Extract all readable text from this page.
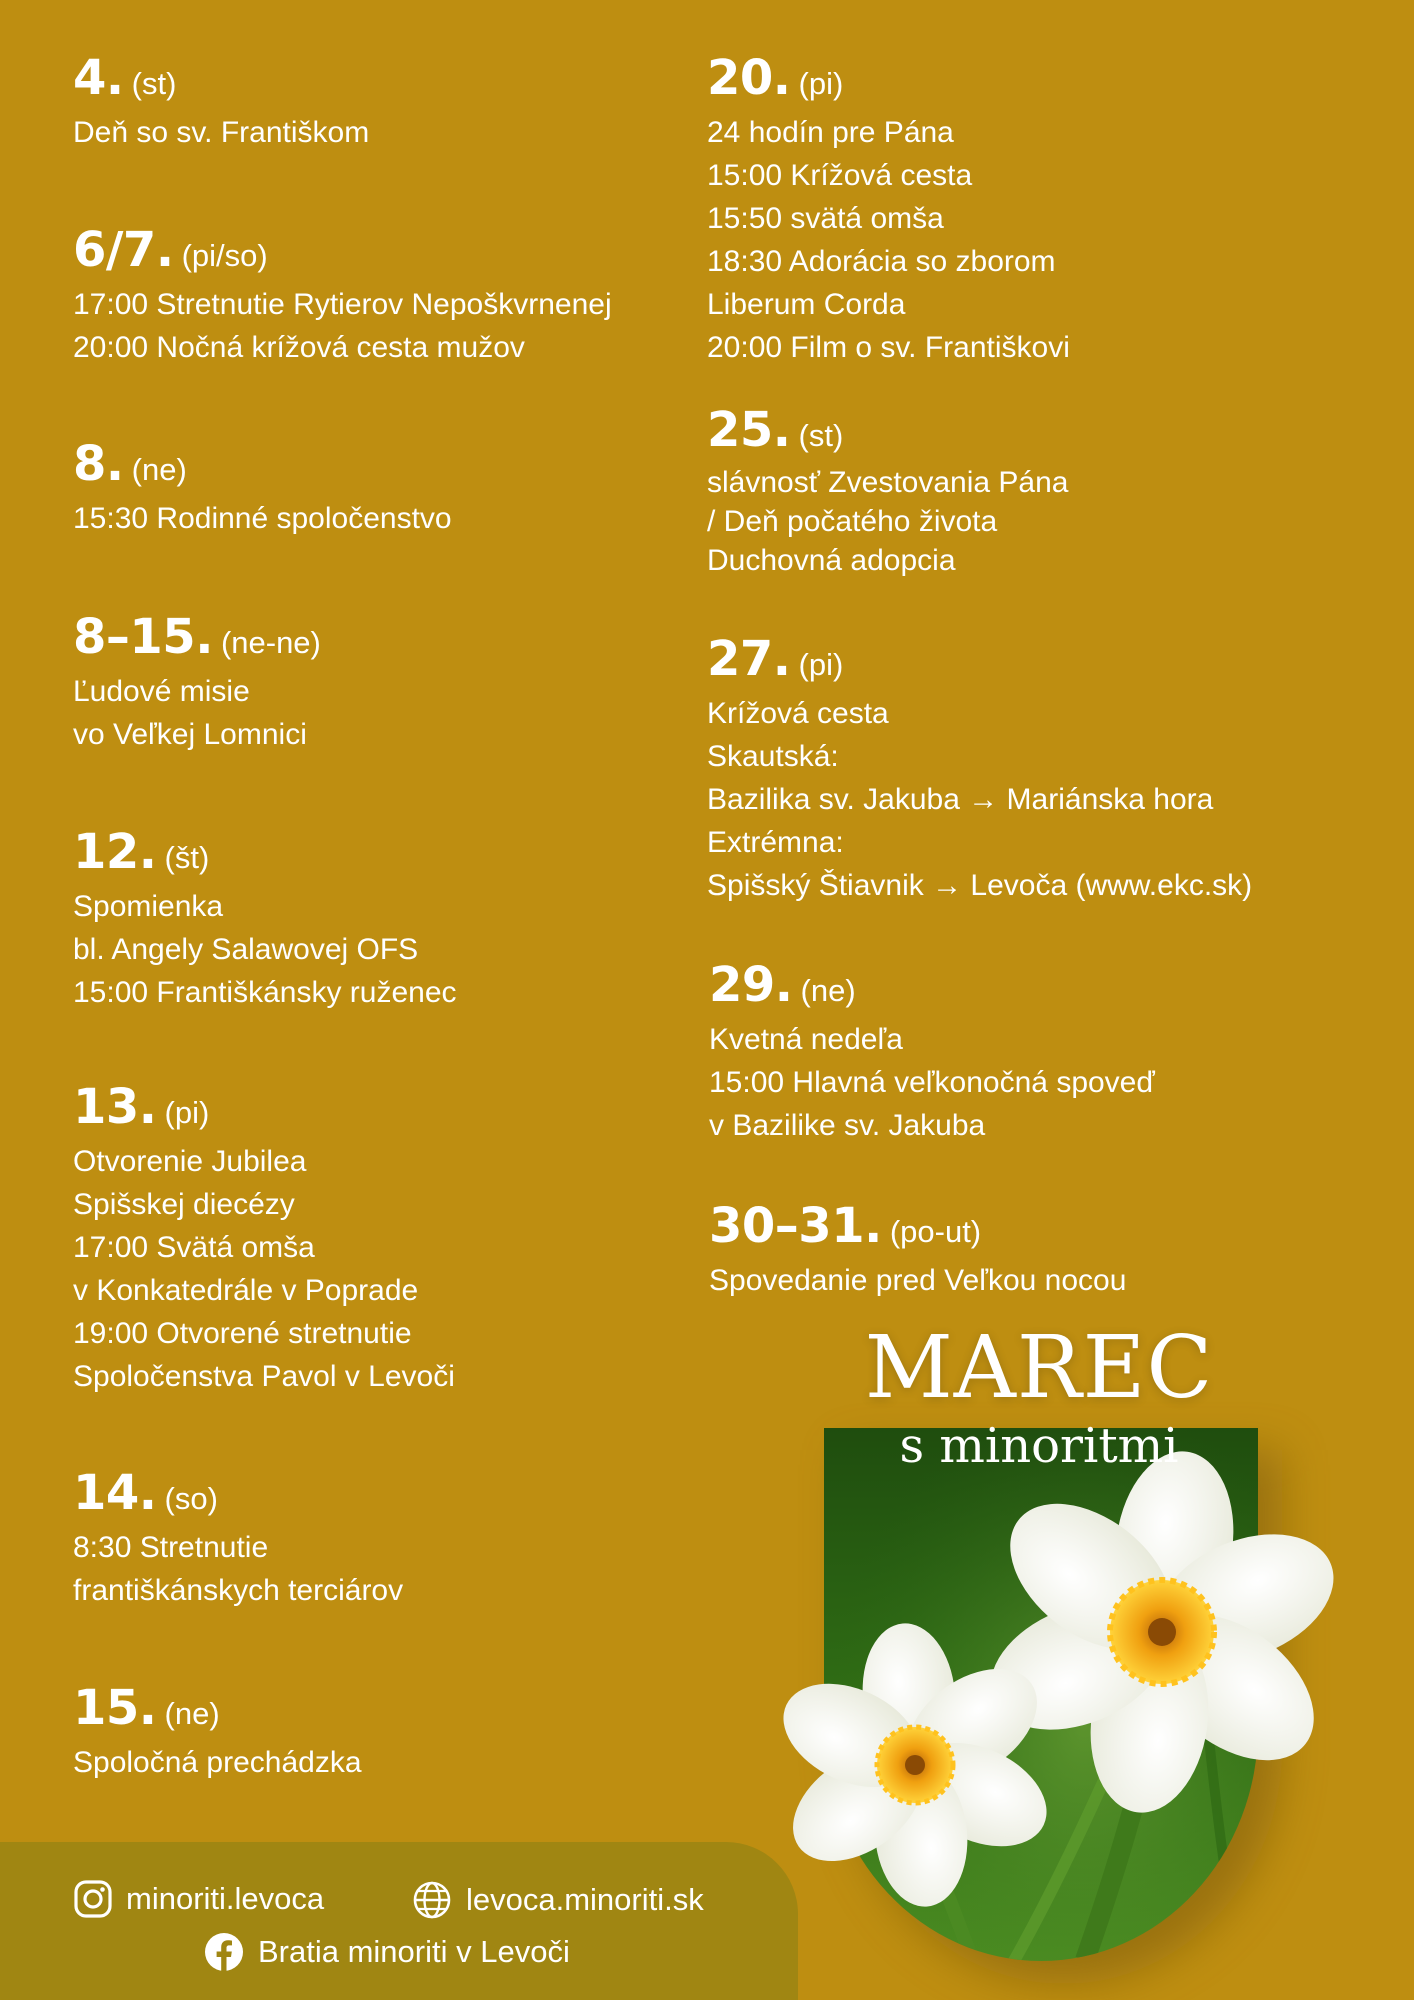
4. (st)
Deň so sv. Františkom
6/7. (pi/so)
17:00 Stretnutie Rytierov Nepoškvrnenej
20:00 Nočná krížová cesta mužov
8. (ne)
15:30 Rodinné spoločenstvo
8–15. (ne-ne)
Ľudové misie
vo Veľkej Lomnici
12. (št)
Spomienka
bl. Angely Salawovej OFS
15:00 Františkánsky ruženec
13. (pi)
Otvorenie Jubilea
Spišskej diecézy
17:00 Svätá omša
v Konkatedrále v Poprade
19:00 Otvorené stretnutie
Spoločenstva Pavol v Levoči
14. (so)
8:30 Stretnutie
františkánskych terciárov
15. (ne)
Spoločná prechádzka
20. (pi)
24 hodín pre Pána
15:00 Krížová cesta
15:50 svätá omša
18:30 Adorácia so zborom
Liberum Corda
20:00 Film o sv. Františkovi
25. (st)
slávnosť Zvestovania Pána
/ Deň počatého života
Duchovná adopcia
27. (pi)
Krížová cesta
Skautská:
Bazilika sv. Jakuba → Mariánska hora
Extrémna:
Spišský Štiavnik → Levoča (www.ekc.sk)
29. (ne)
Kvetná nedeľa
15:00 Hlavná veľkonočná spoveď
v Bazilike sv. Jakuba
30–31. (po-ut)
Spovedanie pred Veľkou nocou
MAREC
s minoritmi
minoriti.levoca	levoca.minoriti.sk
Bratia minoriti v Levoči
